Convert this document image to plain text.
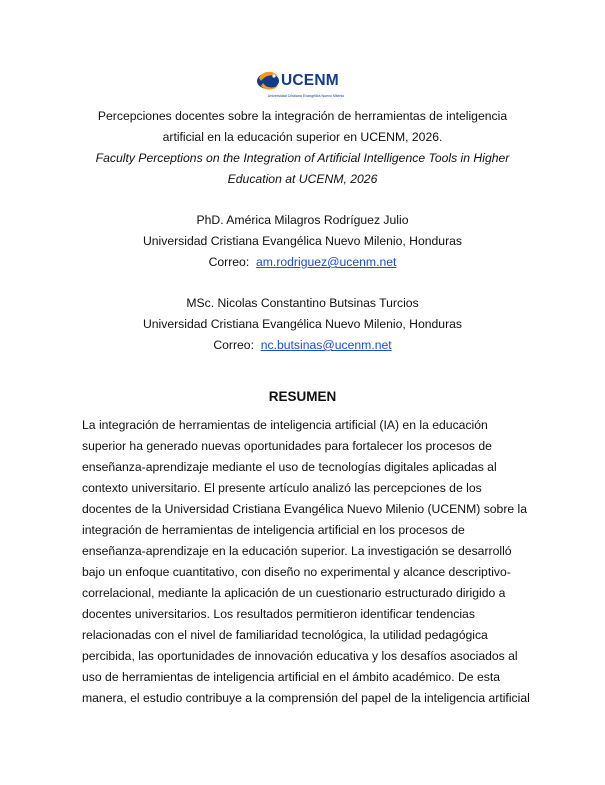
UCENM
Universidad Cristiana Evangélica Nuevo Milenio
Percepciones docentes sobre la integración de herramientas de inteligencia
artificial en la educación superior en UCENM, 2026.
Faculty Perceptions on the Integration of Artificial Intelligence Tools in Higher
Education at UCENM, 2026
PhD. América Milagros Rodríguez Julio
Universidad Cristiana Evangélica Nuevo Milenio, Honduras
Correo: am.rodriguez@ucenm.net
MSc. Nicolas Constantino Butsinas Turcios
Universidad Cristiana Evangélica Nuevo Milenio, Honduras
Correo: nc.butsinas@ucenm.net
RESUMEN
La integración de herramientas de inteligencia artificial (IA) en la educación
superior ha generado nuevas oportunidades para fortalecer los procesos de
enseñanza-aprendizaje mediante el uso de tecnologías digitales aplicadas al
contexto universitario. El presente artículo analizó las percepciones de los
docentes de la Universidad Cristiana Evangélica Nuevo Milenio (UCENM) sobre la
integración de herramientas de inteligencia artificial en los procesos de
enseñanza-aprendizaje en la educación superior. La investigación se desarrolló
bajo un enfoque cuantitativo, con diseño no experimental y alcance descriptivo-
correlacional, mediante la aplicación de un cuestionario estructurado dirigido a
docentes universitarios. Los resultados permitieron identificar tendencias
relacionadas con el nivel de familiaridad tecnológica, la utilidad pedagógica
percibida, las oportunidades de innovación educativa y los desafíos asociados al
uso de herramientas de inteligencia artificial en el ámbito académico. De esta
manera, el estudio contribuye a la comprensión del papel de la inteligencia artificial
